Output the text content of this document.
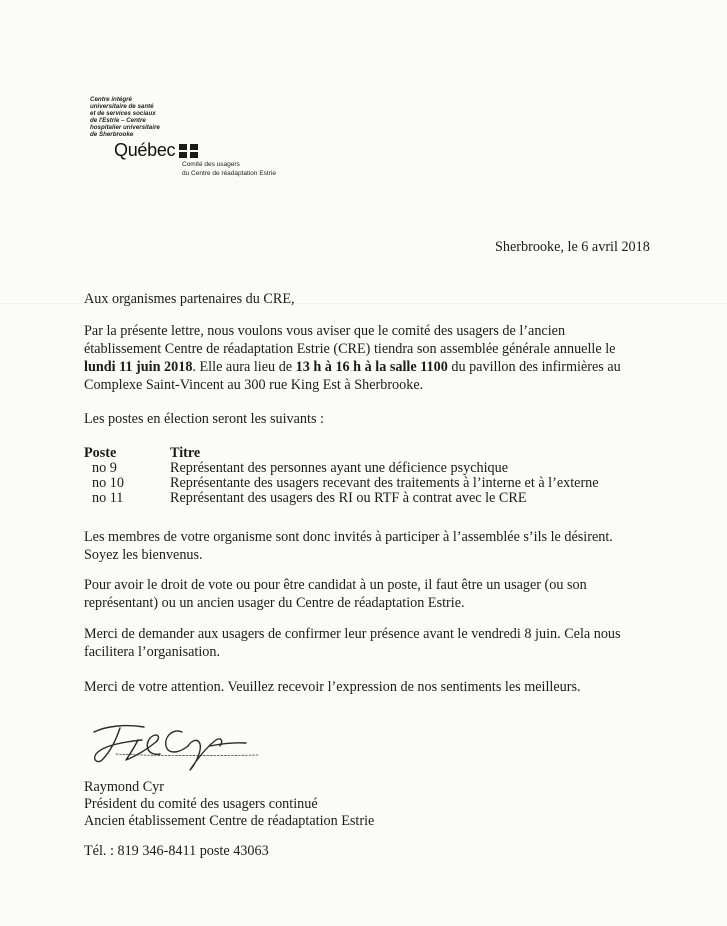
Centre intégré
universitaire de santé
et de services sociaux
de l'Estrie – Centre
hospitalier universitaire
de Sherbrooke
Québec
Comité des usagers
du Centre de réadaptation Estrie
Sherbrooke, le 6 avril 2018
Aux organismes partenaires du CRE,
Par la présente lettre, nous voulons vous aviser que le comité des usagers de l’ancien
établissement Centre de réadaptation Estrie (CRE) tiendra son assemblée générale annuelle le
lundi 11 juin 2018. Elle aura lieu de 13 h à 16 h à la salle 1100 du pavillon des infirmières au
Complexe Saint-Vincent au 300 rue King Est à Sherbrooke.
Les postes en élection seront les suivants :
Poste	Titre
no 9	Représentant des personnes ayant une déficience psychique
no 10	Représentante des usagers recevant des traitements à l’interne et à l’externe
no 11	Représentant des usagers des RI ou RTF à contrat avec le CRE
Les membres de votre organisme sont donc invités à participer à l’assemblée s’ils le désirent.
Soyez les bienvenus.
Pour avoir le droit de vote ou pour être candidat à un poste, il faut être un usager (ou son
représentant) ou un ancien usager du Centre de réadaptation Estrie.
Merci de demander aux usagers de confirmer leur présence avant le vendredi 8 juin. Cela nous
facilitera l’organisation.
Merci de votre attention. Veuillez recevoir l’expression de nos sentiments les meilleurs.
Raymond Cyr
Président du comité des usagers continué
Ancien établissement Centre de réadaptation Estrie
Tél. : 819 346-8411 poste 43063
